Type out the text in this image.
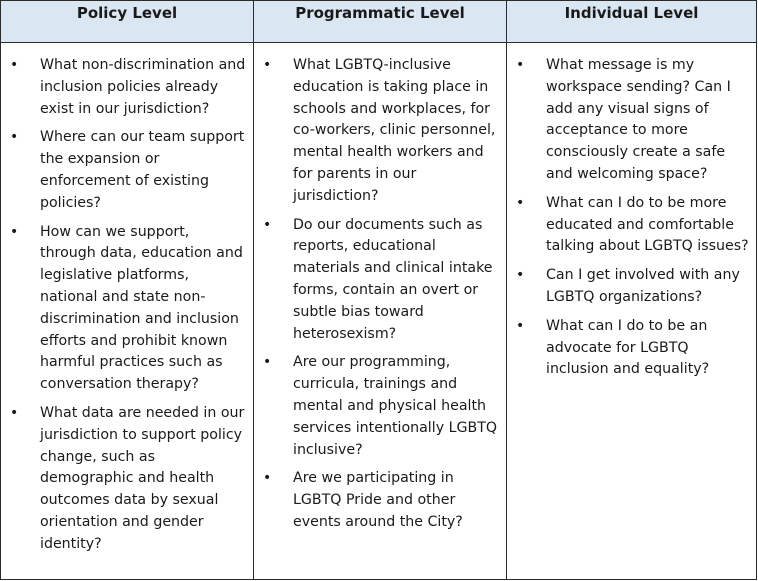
Policy Level	Programmatic Level	Individual Level
• What non-discrimination and inclusion policies already exist in our jurisdiction?
• Where can our team support the expansion or enforcement of existing policies?
• How can we support, through data, education and legislative platforms, national and state non-discrimination and inclusion efforts and prohibit known harmful practices such as conversation therapy?
• What data are needed in our jurisdiction to support policy change, such as demographic and health outcomes data by sexual orientation and gender identity?
• What LGBTQ-inclusive education is taking place in schools and workplaces, for co-workers, clinic personnel, mental health workers and for parents in our jurisdiction?
• Do our documents such as reports, educational materials and clinical intake forms, contain an overt or subtle bias toward heterosexism?
• Are our programming, curricula, trainings and mental and physical health services intentionally LGBTQ inclusive?
• Are we participating in LGBTQ Pride and other events around the City?
• What message is my workspace sending? Can I add any visual signs of acceptance to more consciously create a safe and welcoming space?
• What can I do to be more educated and comfortable talking about LGBTQ issues?
• Can I get involved with any LGBTQ organizations?
• What can I do to be an advocate for LGBTQ inclusion and equality?
